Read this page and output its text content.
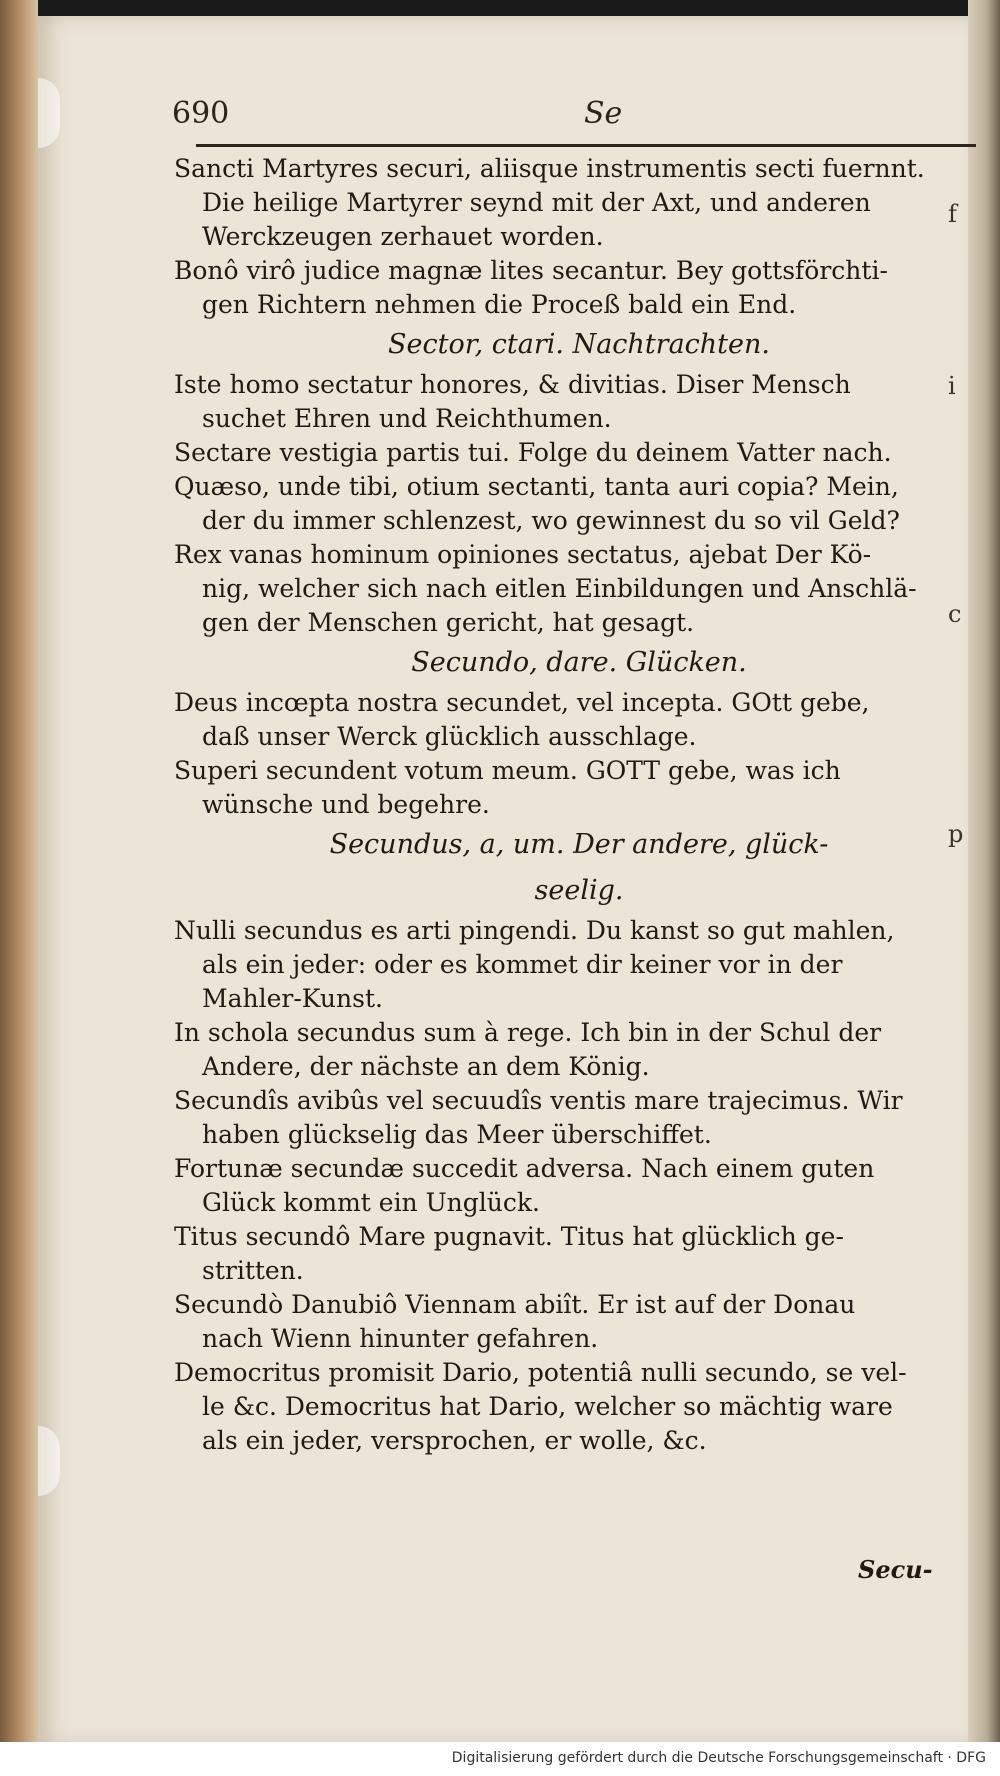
690	Se
Sancti Martyres securi, aliisque instrumentis secti fuernnt.
Die heilige Martyrer seynd mit der Axt, und anderen
Werckzeugen zerhauet worden.
Bonô virô judice magnæ lites secantur. Bey gottsförchti-
gen Richtern nehmen die Proceß bald ein End.
Sector, ctari. Nachtrachten.
Iste homo sectatur honores, & divitias. Diser Mensch
suchet Ehren und Reichthumen.
Sectare vestigia partis tui. Folge du deinem Vatter nach.
Quæso, unde tibi, otium sectanti, tanta auri copia? Mein,
der du immer schlenzest, wo gewinnest du so vil Geld?
Rex vanas hominum opiniones sectatus, ajebat Der Kö-
nig, welcher sich nach eitlen Einbildungen und Anschlä-
gen der Menschen gericht, hat gesagt.
Secundo, dare. Glücken.
Deus incœpta nostra secundet, vel incepta. GOtt gebe,
daß unser Werck glücklich ausschlage.
Superi secundent votum meum. GOTT gebe, was ich
wünsche und begehre.
Secundus, a, um. Der andere, glück-
seelig.
Nulli secundus es arti pingendi. Du kanst so gut mahlen,
als ein jeder: oder es kommet dir keiner vor in der
Mahler-Kunst.
In schola secundus sum à rege. Ich bin in der Schul der
Andere, der nächste an dem König.
Secundîs avibûs vel secuudîs ventis mare trajecimus. Wir
haben glückselig das Meer überschiffet.
Fortunæ secundæ succedit adversa. Nach einem guten
Glück kommt ein Unglück.
Titus secundô Mare pugnavit. Titus hat glücklich ge-
stritten.
Secundò Danubiô Viennam abiît. Er ist auf der Donau
nach Wienn hinunter gefahren.
Democritus promisit Dario, potentiâ nulli secundo, se vel-
le &c. Democritus hat Dario, welcher so mächtig ware
als ein jeder, versprochen, er wolle, &c.
Secu-
f
i
c
p
Digitalisierung gefördert durch die Deutsche Forschungsgemeinschaft · DFG
